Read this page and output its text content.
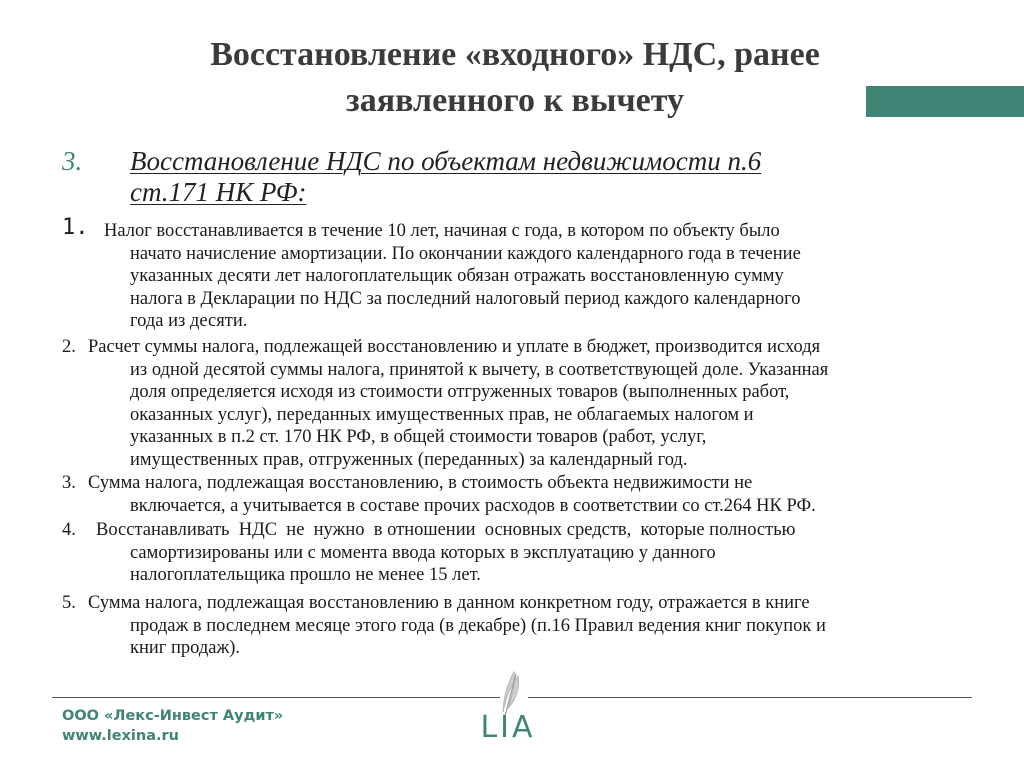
Восстановление «входного» НДС, ранее
заявленного к вычету
3. Восстановление НДС по объектам недвижимости п.6
ст.171 НК РФ:
1. Налог восстанавливается в течение 10 лет, начиная с года, в котором по объекту было
начато начисление амортизации. По окончании каждого календарного года в течение
указанных десяти лет налогоплательщик обязан отражать восстановленную сумму
налога в Декларации по НДС за последний налоговый период каждого календарного
года из десяти.
2. Расчет суммы налога, подлежащей восстановлению и уплате в бюджет, производится исходя
из одной десятой суммы налога, принятой к вычету, в соответствующей доле. Указанная
доля определяется исходя из стоимости отгруженных товаров (выполненных работ,
оказанных услуг), переданных имущественных прав, не облагаемых налогом и
указанных в п.2 ст. 170 НК РФ, в общей стоимости товаров (работ, услуг,
имущественных прав, отгруженных (переданных) за календарный год.
3. Сумма налога, подлежащая восстановлению, в стоимость объекта недвижимости не
включается, а учитывается в составе прочих расходов в соответствии со ст.264 НК РФ.
4.	Восстанавливать  НДС  не  нужно  в отношении  основных средств,  которые полностью
самортизированы или с момента ввода которых в эксплуатацию у данного
налогоплательщика прошло не менее 15 лет.
5. Сумма налога, подлежащая восстановлению в данном конкретном году, отражается в книге
продаж в последнем месяце этого года (в декабре) (п.16 Правил ведения книг покупок и
книг продаж).
ООО «Лекс-Инвест Аудит»
www.lexina.ru	LIA
